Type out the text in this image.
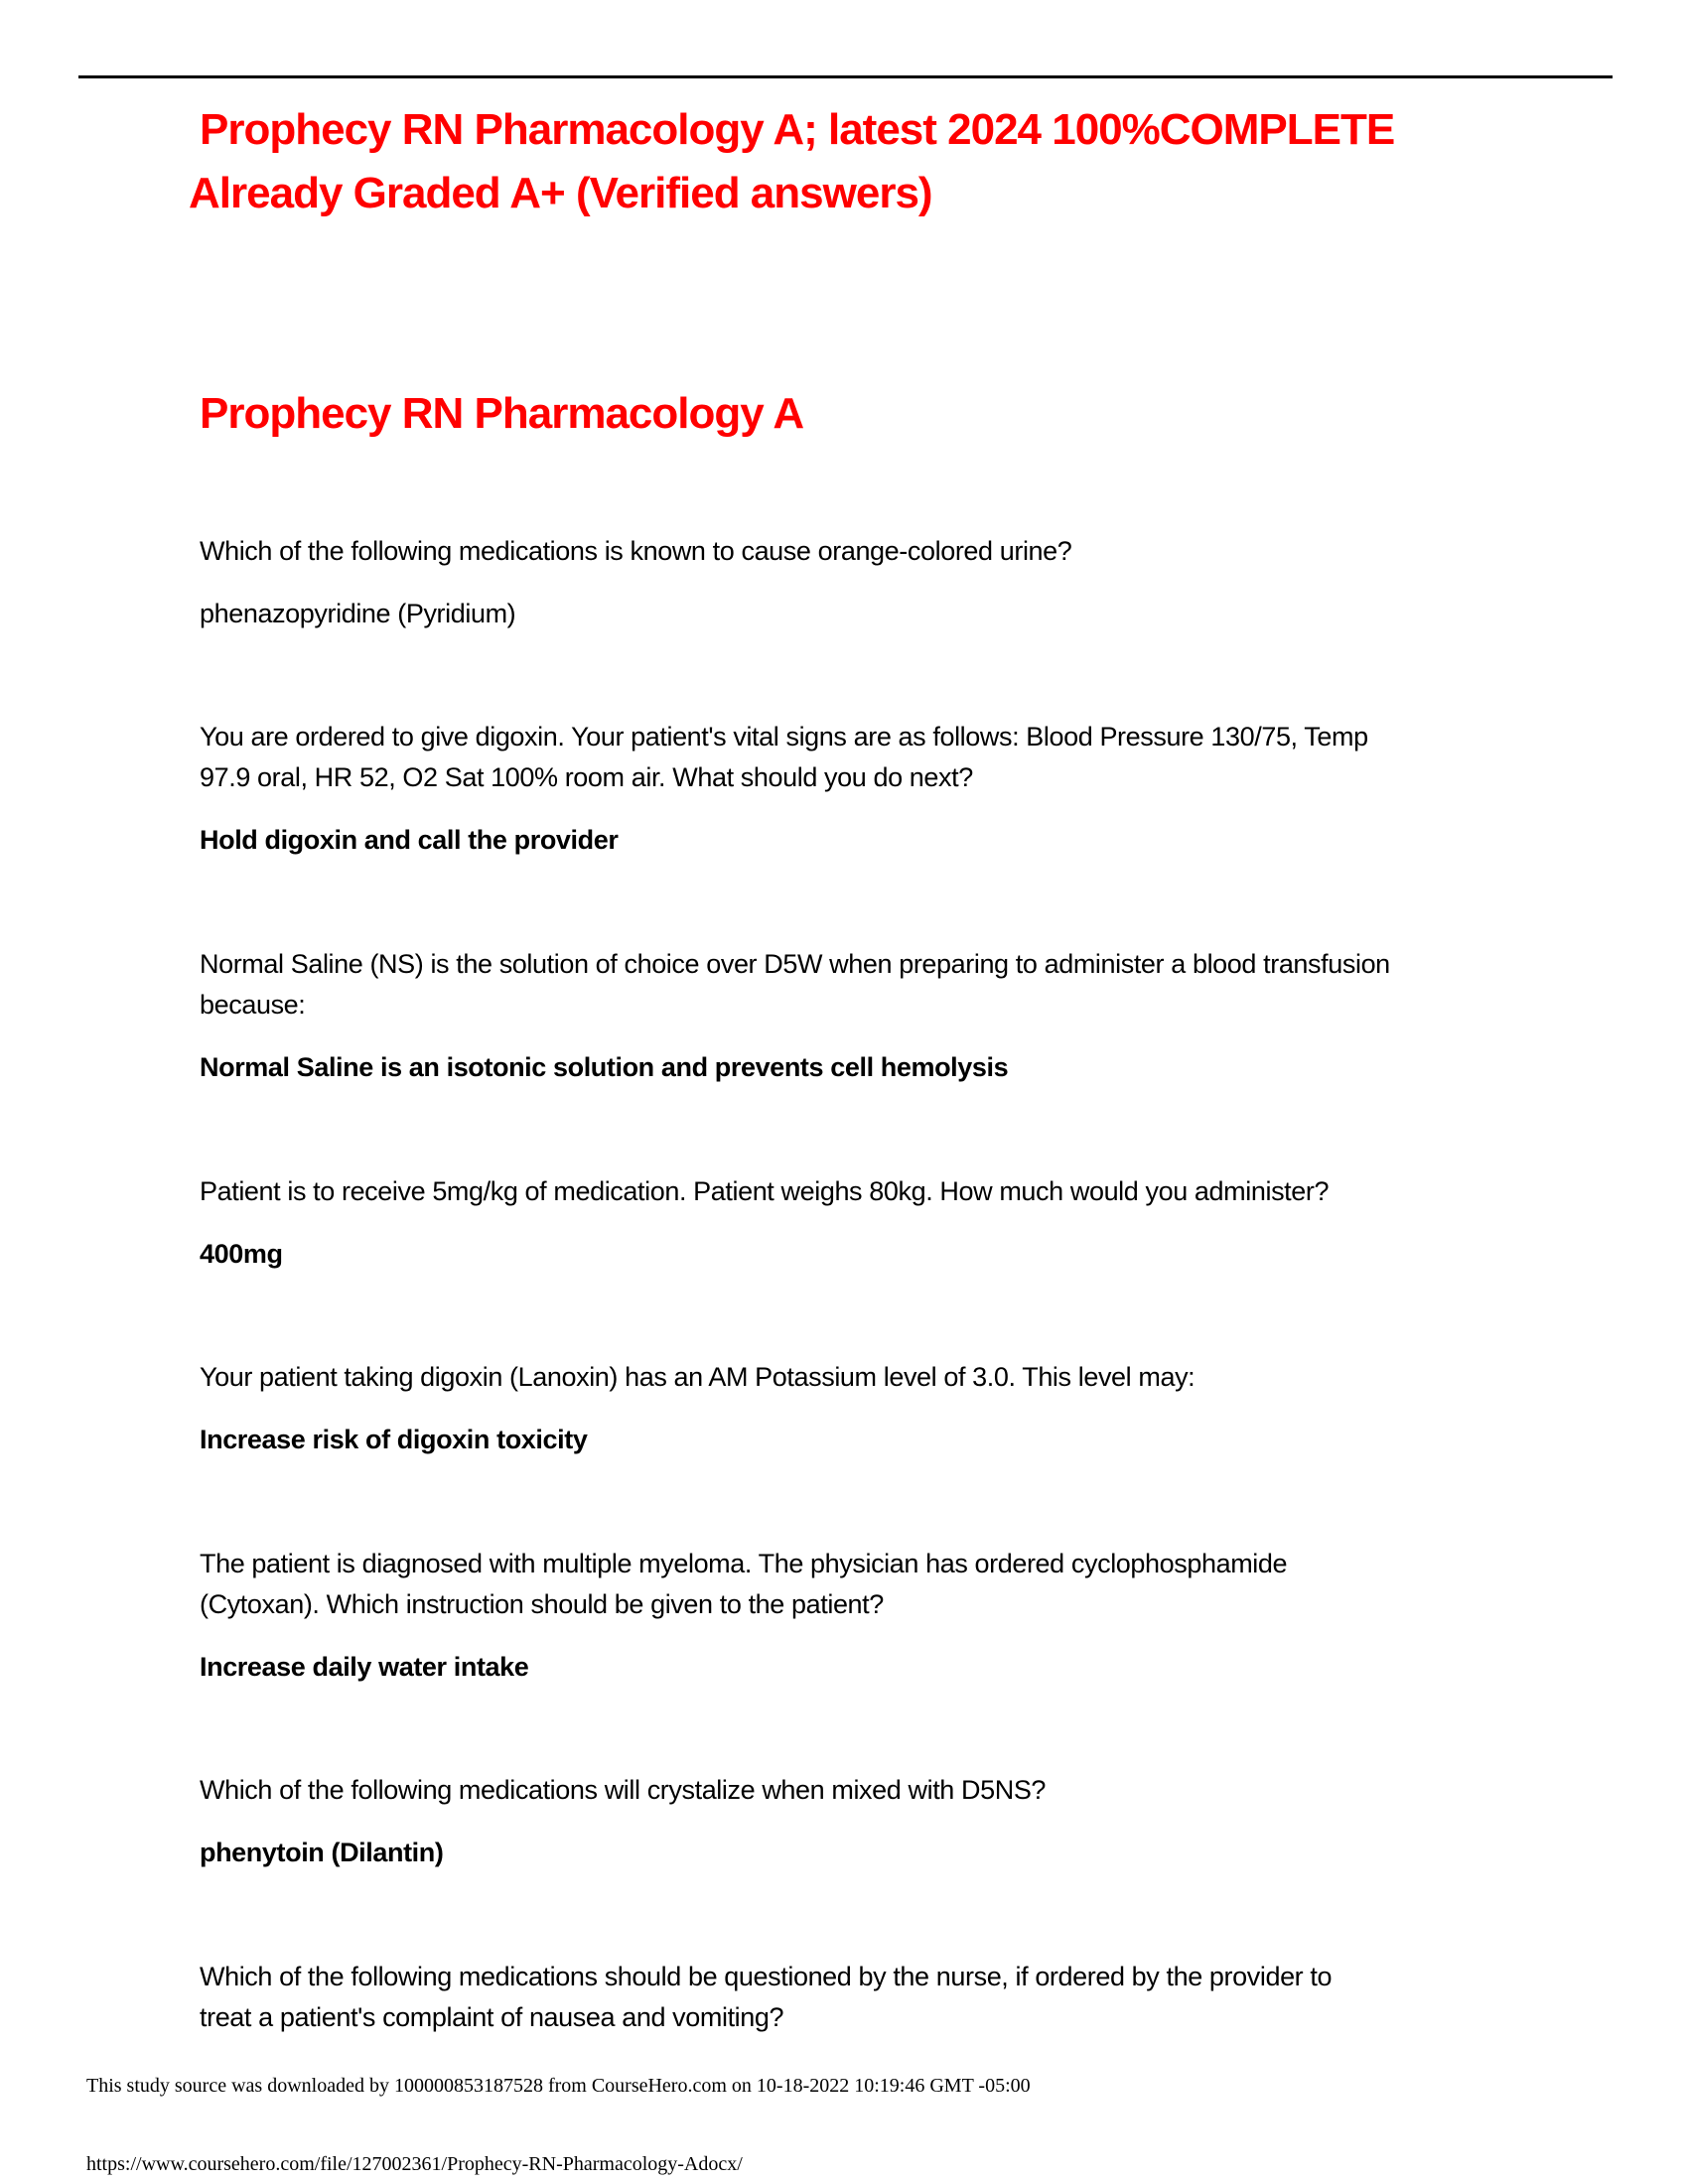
Prophecy RN Pharmacology A; latest 2024 100%COMPLETE
Already Graded A+ (Verified answers)
Prophecy RN Pharmacology A
Which of the following medications is known to cause orange-colored urine?
phenazopyridine (Pyridium)
You are ordered to give digoxin. Your patient's vital signs are as follows: Blood Pressure 130/75, Temp
97.9 oral, HR 52, O2 Sat 100% room air. What should you do next?
Hold digoxin and call the provider
Normal Saline (NS) is the solution of choice over D5W when preparing to administer a blood transfusion
because:
Normal Saline is an isotonic solution and prevents cell hemolysis
Patient is to receive 5mg/kg of medication. Patient weighs 80kg. How much would you administer?
400mg
Your patient taking digoxin (Lanoxin) has an AM Potassium level of 3.0. This level may:
Increase risk of digoxin toxicity
The patient is diagnosed with multiple myeloma. The physician has ordered cyclophosphamide
(Cytoxan). Which instruction should be given to the patient?
Increase daily water intake
Which of the following medications will crystalize when mixed with D5NS?
phenytoin (Dilantin)
Which of the following medications should be questioned by the nurse, if ordered by the provider to
treat a patient's complaint of nausea and vomiting?
This study source was downloaded by 100000853187528 from CourseHero.com on 10-18-2022 10:19:46 GMT -05:00
https://www.coursehero.com/file/127002361/Prophecy-RN-Pharmacology-Adocx/
